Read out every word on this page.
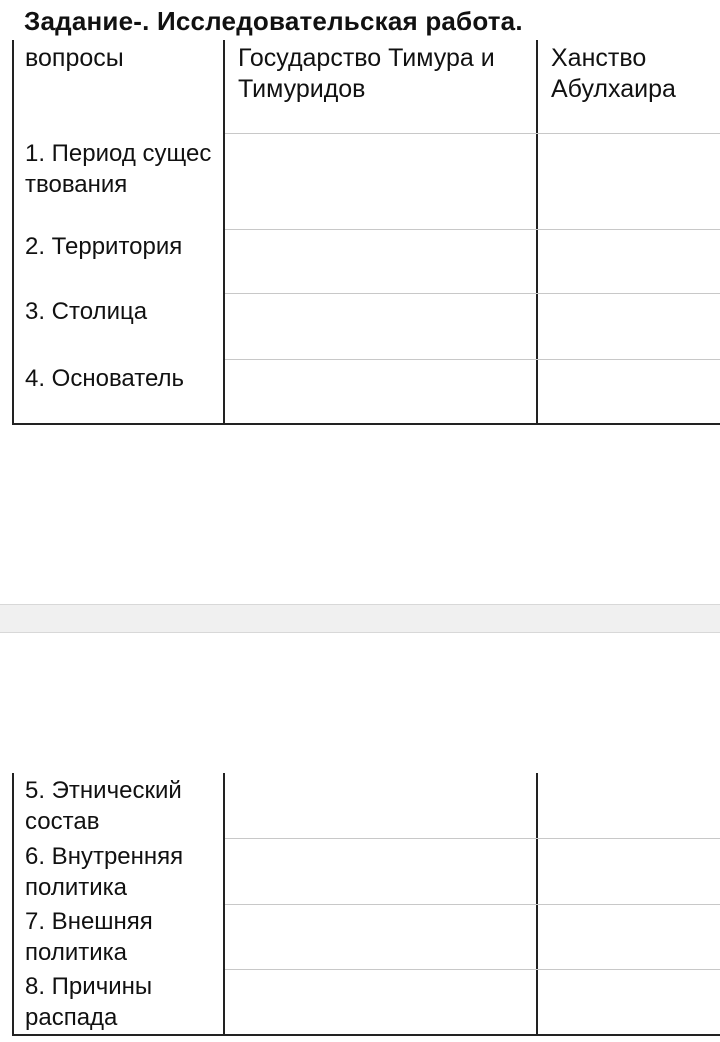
Задание-. Исследовательская работа.
вопросы	Государство Тимура и Тимуридов
Ханство Абулхаира
1. Период существования
2. Территория
3. Столица
4. Основатель
5. Этнический состав
6. Внутренняя политика
7. Внешняя политика
8. Причины распада
